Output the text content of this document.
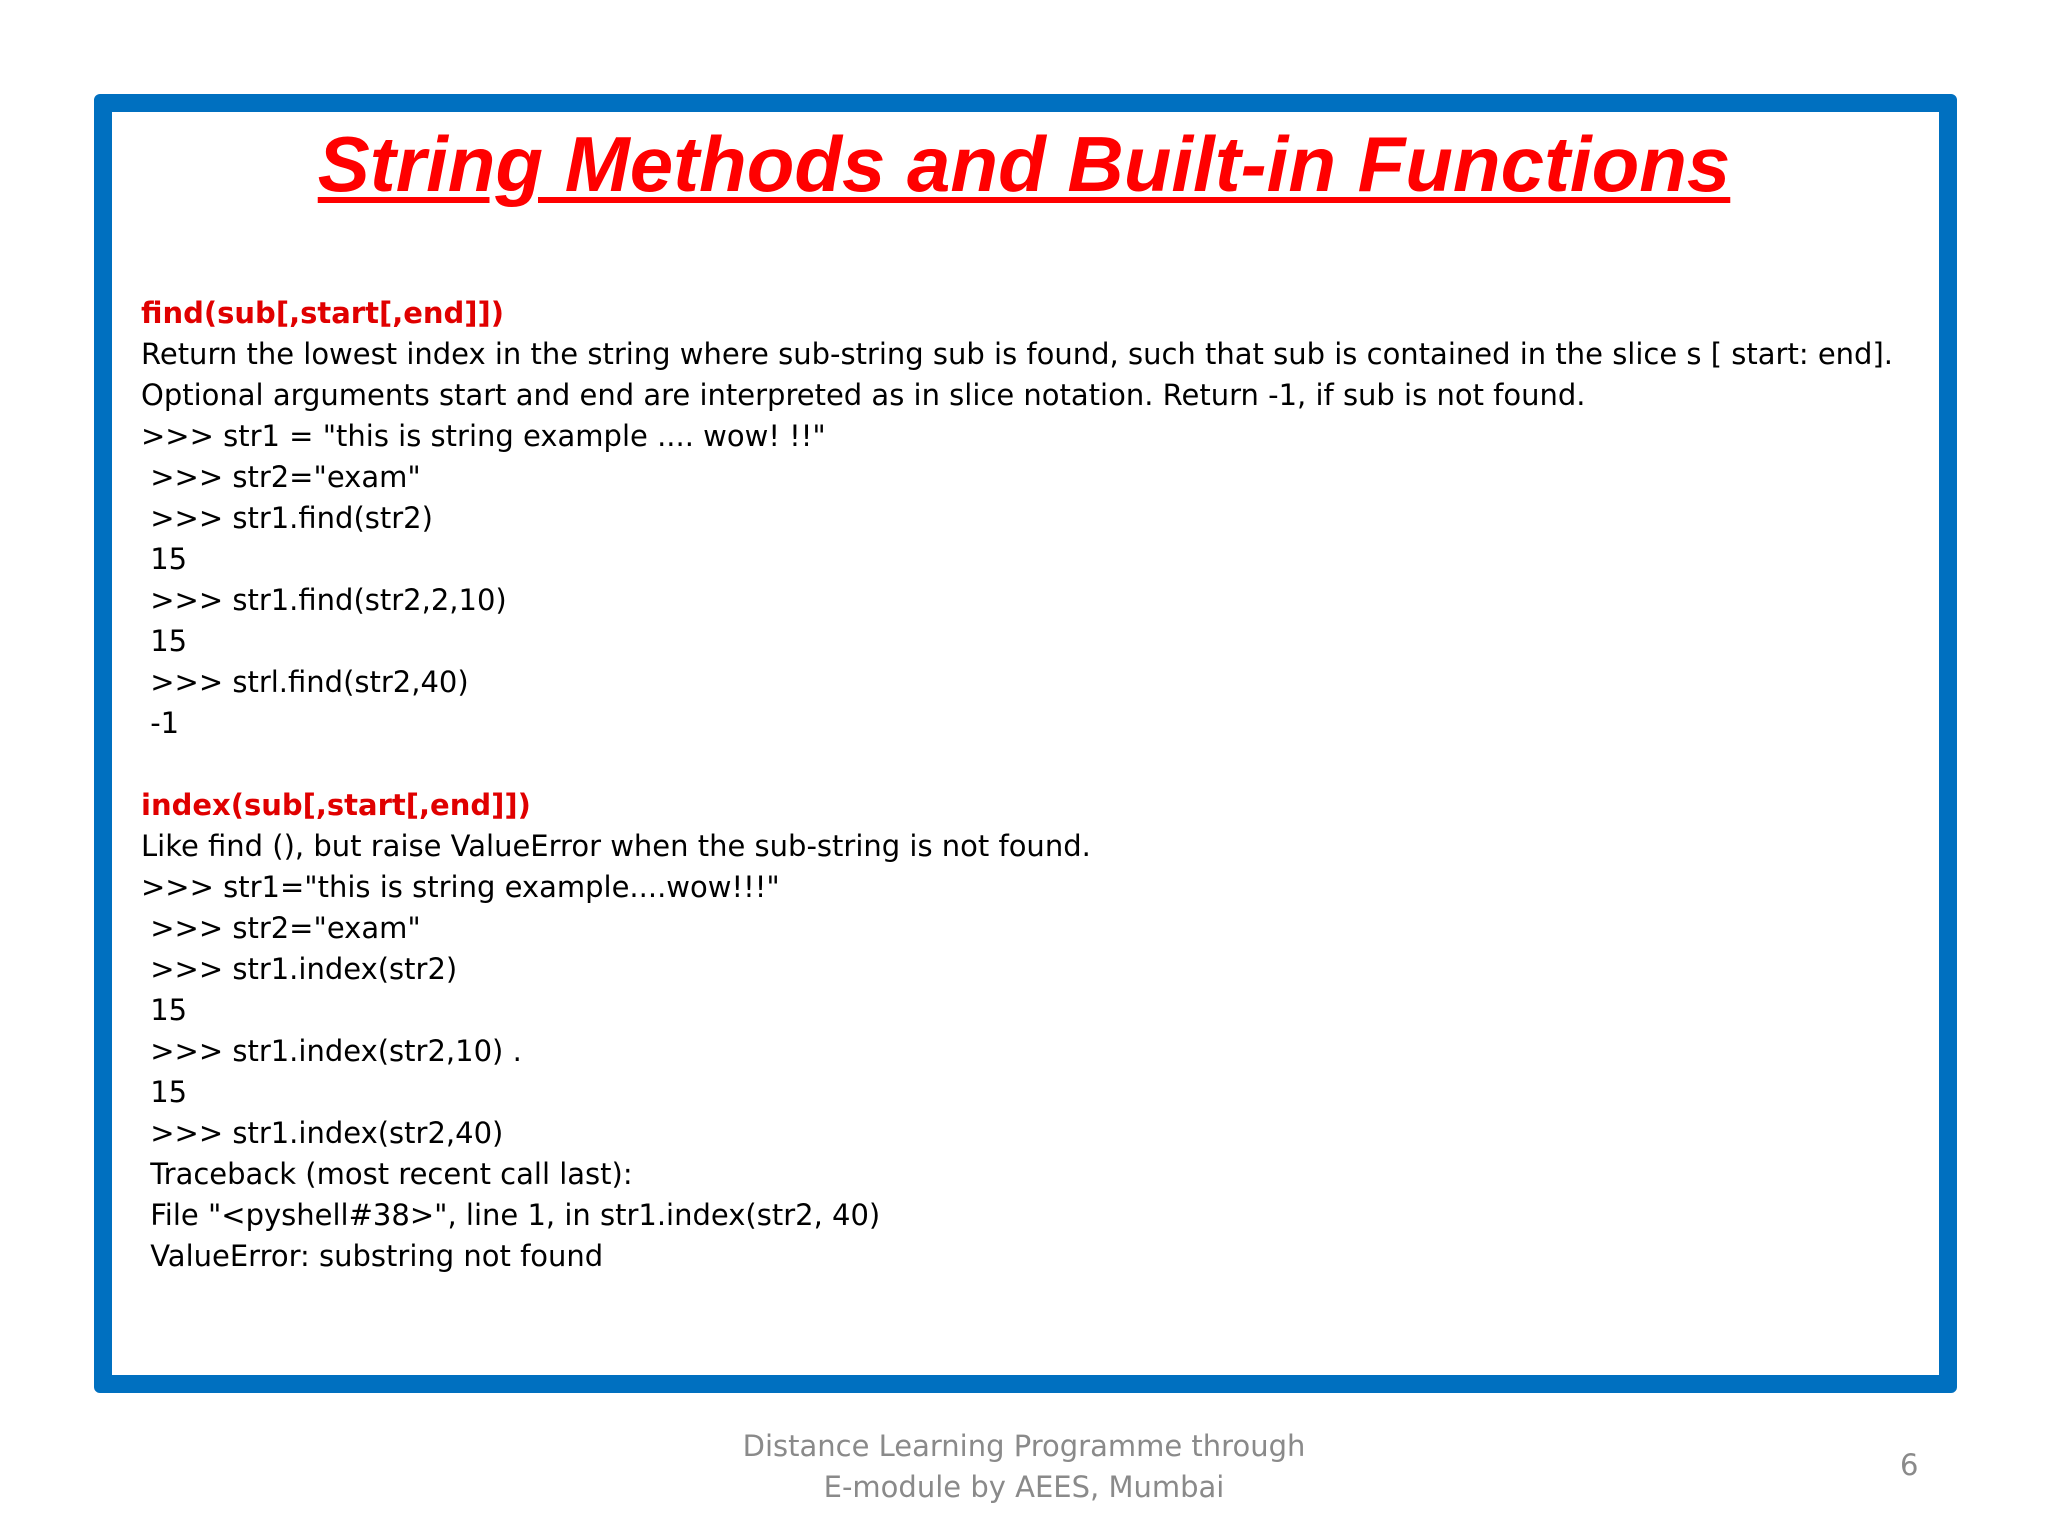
String Methods and Built-in Functions
find(sub[,start[,end]])
Return the lowest index in the string where sub-string sub is found, such that sub is contained in the slice s [ start: end].
Optional arguments start and end are interpreted as in slice notation. Return -1, if sub is not found.
>>> str1 = "this is string example .... wow! !!"
>>> str2="exam"
>>> str1.find(str2)
15
>>> str1.find(str2,2,10)
15
>>> strl.find(str2,40)
-1
index(sub[,start[,end]])
Like find (), but raise ValueError when the sub-string is not found.
>>> str1="this is string example....wow!!!"
>>> str2="exam"
>>> str1.index(str2)
15
>>> str1.index(str2,10) .
15
>>> str1.index(str2,40)
Traceback (most recent call last):
File "<pyshell#38>", line 1, in str1.index(str2, 40)
ValueError: substring not found
Distance Learning Programme through
E-module by AEES, Mumbai
6
